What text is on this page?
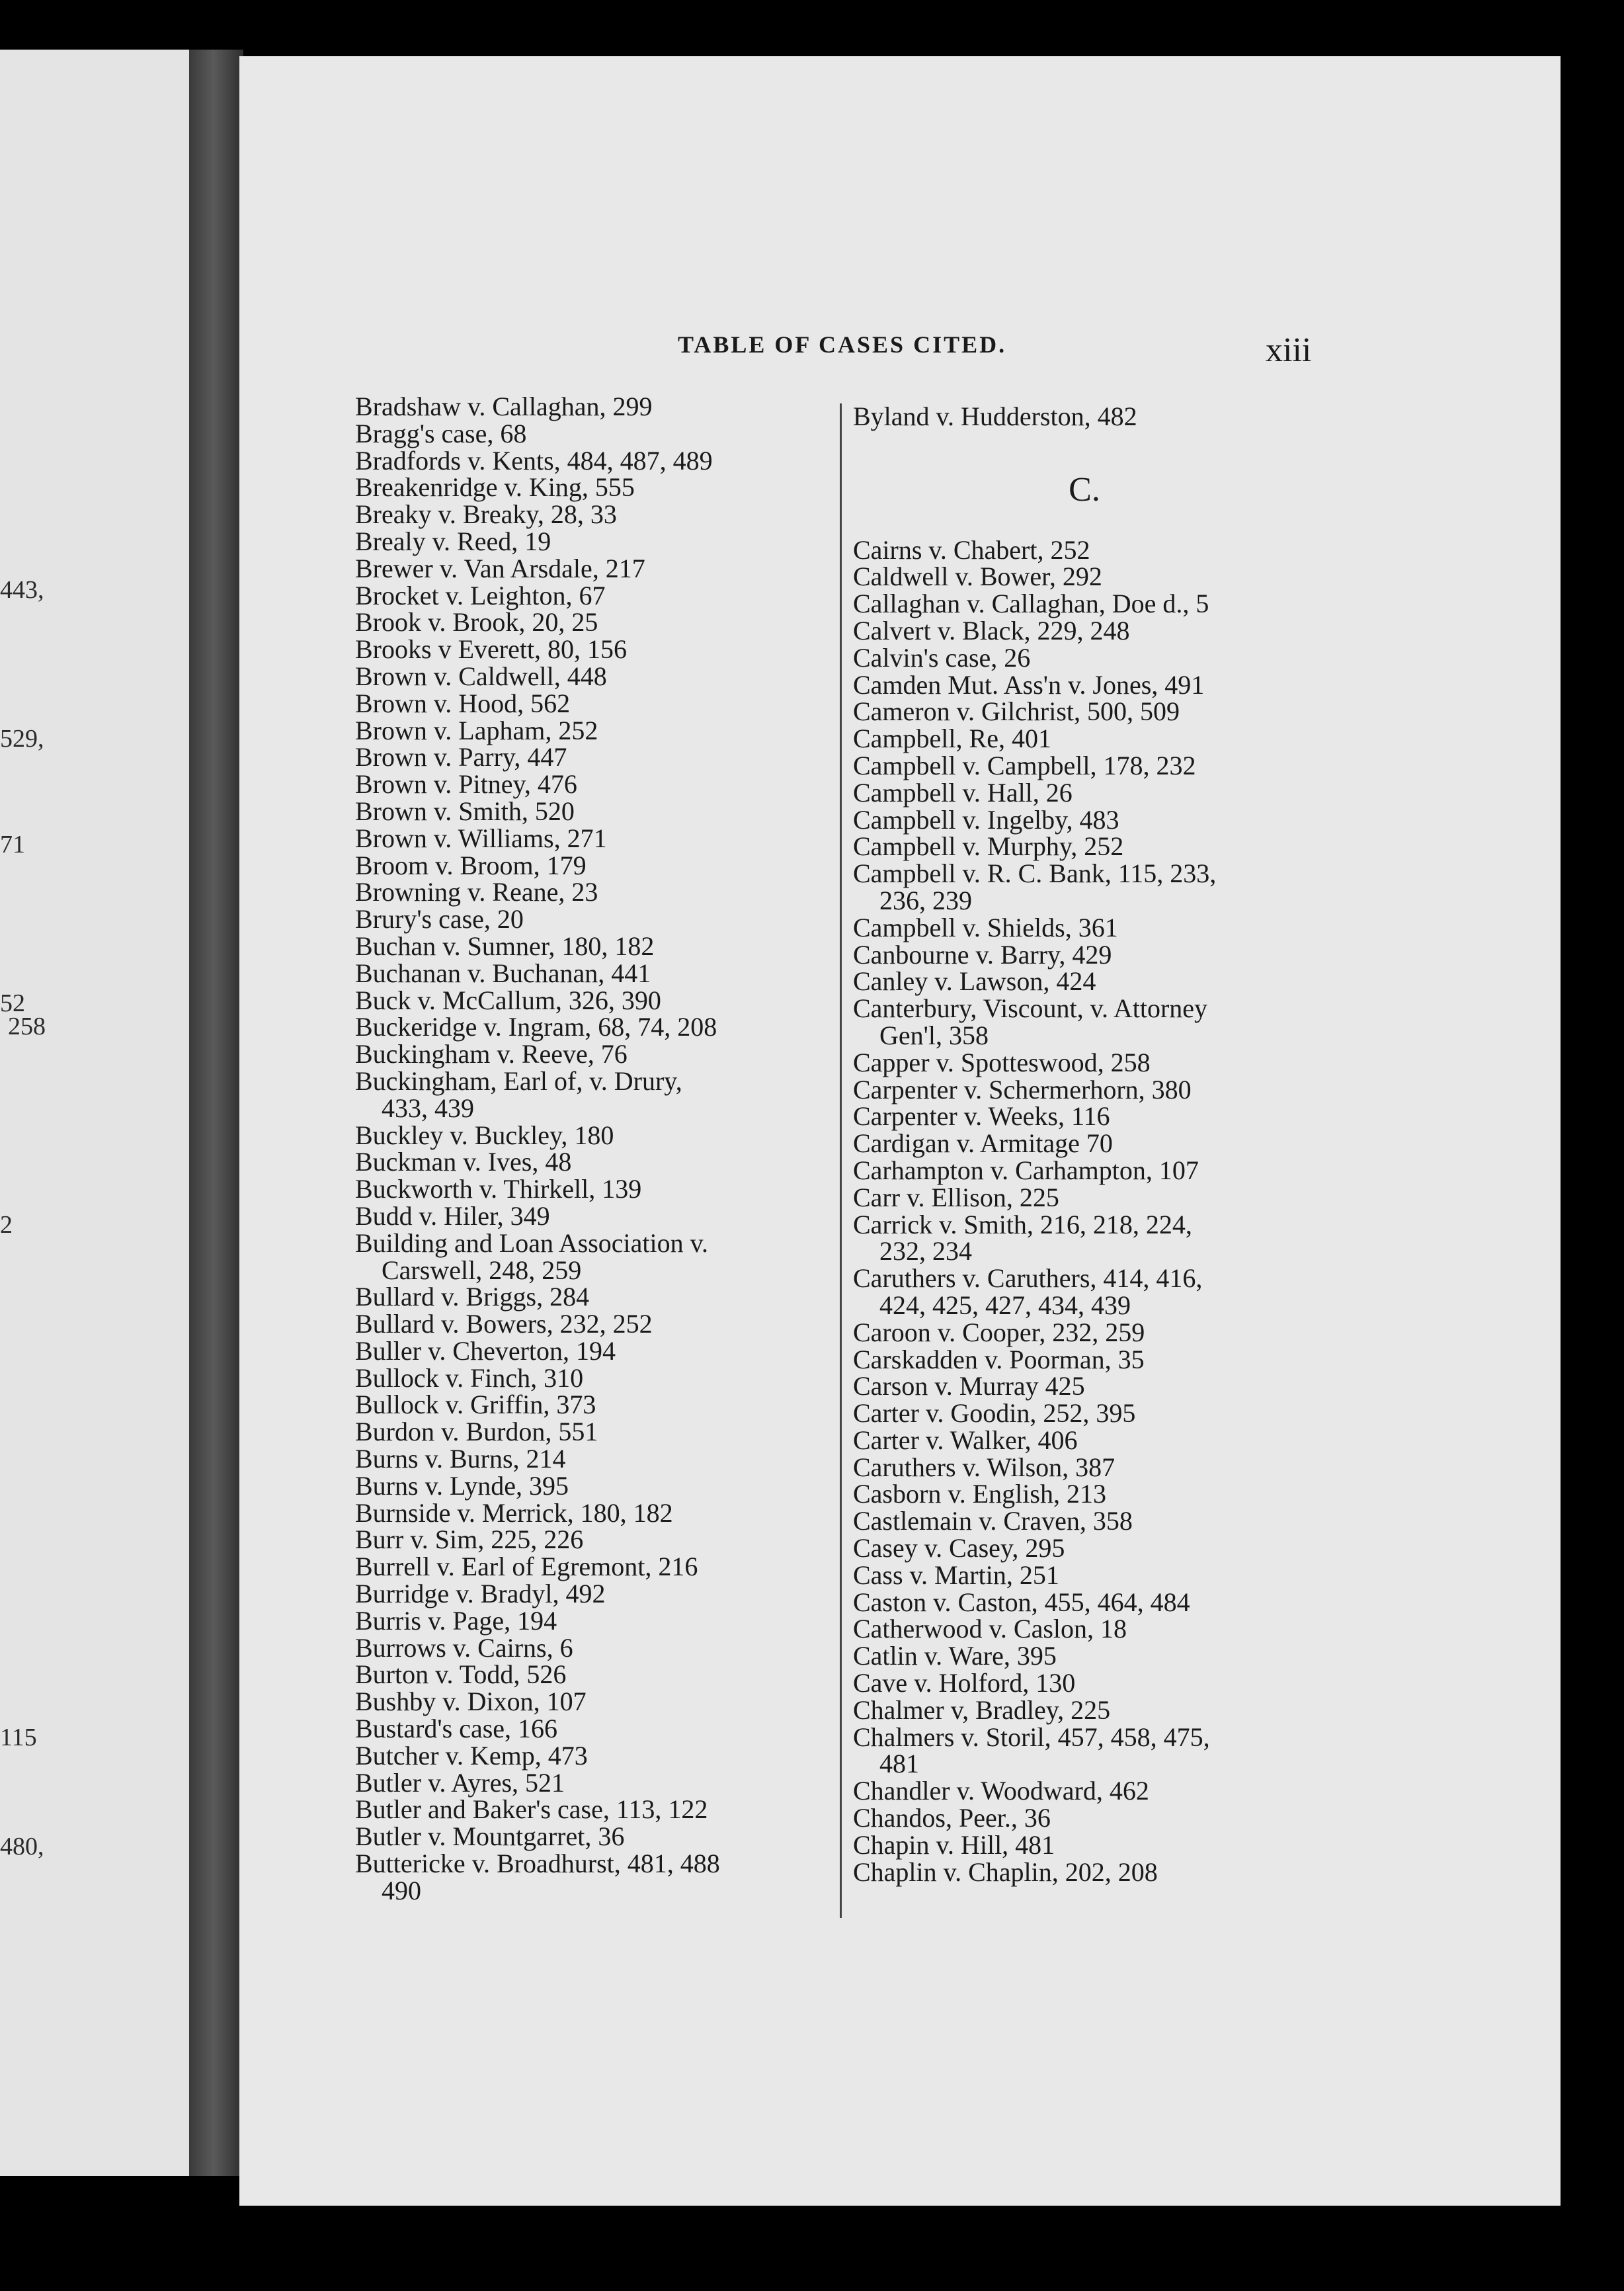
443,
529,
71
52
258
2
115
480,
TABLE OF CASES CITED.	xiii
Bradshaw v. Callaghan, 299
Bragg's case, 68
Bradfords v. Kents, 484, 487, 489
Breakenridge v. King, 555
Breaky v. Breaky, 28, 33
Brealy v. Reed, 19
Brewer v. Van Arsdale, 217
Brocket v. Leighton, 67
Brook v. Brook, 20, 25
Brooks v Everett, 80, 156
Brown v. Caldwell, 448
Brown v. Hood, 562
Brown v. Lapham, 252
Brown v. Parry, 447
Brown v. Pitney, 476
Brown v. Smith, 520
Brown v. Williams, 271
Broom v. Broom, 179
Browning v. Reane, 23
Brury's case, 20
Buchan v. Sumner, 180, 182
Buchanan v. Buchanan, 441
Buck v. McCallum, 326, 390
Buckeridge v. Ingram, 68, 74, 208
Buckingham v. Reeve, 76
Buckingham, Earl of, v. Drury,
433, 439
Buckley v. Buckley, 180
Buckman v. Ives, 48
Buckworth v. Thirkell, 139
Budd v. Hiler, 349
Building and Loan Association v.
Carswell, 248, 259
Bullard v. Briggs, 284
Bullard v. Bowers, 232, 252
Buller v. Cheverton, 194
Bullock v. Finch, 310
Bullock v. Griffin, 373
Burdon v. Burdon, 551
Burns v. Burns, 214
Burns v. Lynde, 395
Burnside v. Merrick, 180, 182
Burr v. Sim, 225, 226
Burrell v. Earl of Egremont, 216
Burridge v. Bradyl, 492
Burris v. Page, 194
Burrows v. Cairns, 6
Burton v. Todd, 526
Bushby v. Dixon, 107
Bustard's case, 166
Butcher v. Kemp, 473
Butler v. Ayres, 521
Butler and Baker's case, 113, 122
Butler v. Mountgarret, 36
Buttericke v. Broadhurst, 481, 488
490
Byland v. Hudderston, 482
C.
Cairns v. Chabert, 252
Caldwell v. Bower, 292
Callaghan v. Callaghan, Doe d., 5
Calvert v. Black, 229, 248
Calvin's case, 26
Camden Mut. Ass'n v. Jones, 491
Cameron v. Gilchrist, 500, 509
Campbell, Re, 401
Campbell v. Campbell, 178, 232
Campbell v. Hall, 26
Campbell v. Ingelby, 483
Campbell v. Murphy, 252
Campbell v. R. C. Bank, 115, 233,
236, 239
Campbell v. Shields, 361
Canbourne v. Barry, 429
Canley v. Lawson, 424
Canterbury, Viscount, v. Attorney
Gen'l, 358
Capper v. Spotteswood, 258
Carpenter v. Schermerhorn, 380
Carpenter v. Weeks, 116
Cardigan v. Armitage 70
Carhampton v. Carhampton, 107
Carr v. Ellison, 225
Carrick v. Smith, 216, 218, 224,
232, 234
Caruthers v. Caruthers, 414, 416,
424, 425, 427, 434, 439
Caroon v. Cooper, 232, 259
Carskadden v. Poorman, 35
Carson v. Murray 425
Carter v. Goodin, 252, 395
Carter v. Walker, 406
Caruthers v. Wilson, 387
Casborn v. English, 213
Castlemain v. Craven, 358
Casey v. Casey, 295
Cass v. Martin, 251
Caston v. Caston, 455, 464, 484
Catherwood v. Caslon, 18
Catlin v. Ware, 395
Cave v. Holford, 130
Chalmer v, Bradley, 225
Chalmers v. Storil, 457, 458, 475,
481
Chandler v. Woodward, 462
Chandos, Peer., 36
Chapin v. Hill, 481
Chaplin v. Chaplin, 202, 208
